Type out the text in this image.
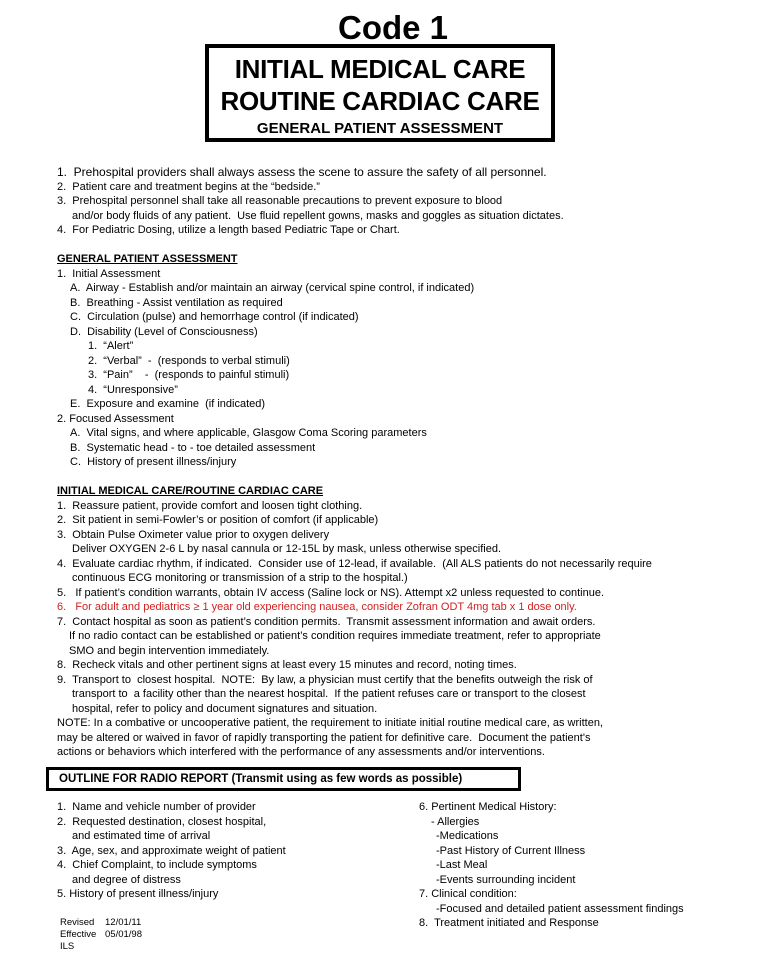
Code 1
INITIAL MEDICAL CARE
ROUTINE CARDIAC CARE
GENERAL PATIENT ASSESSMENT
1.  Prehospital providers shall always assess the scene to assure the safety of all personnel.
2.  Patient care and treatment begins at the “bedside.”
3.  Prehospital personnel shall take all reasonable precautions to prevent exposure to blood
and/or body fluids of any patient.  Use fluid repellent gowns, masks and goggles as situation dictates.
4.  For Pediatric Dosing, utilize a length based Pediatric Tape or Chart.
GENERAL PATIENT ASSESSMENT
1.  Initial Assessment
A.  Airway - Establish and/or maintain an airway (cervical spine control, if indicated)
B.  Breathing - Assist ventilation as required
C.  Circulation (pulse) and hemorrhage control (if indicated)
D.  Disability (Level of Consciousness)
1.  “Alert”
2.  “Verbal”  -  (responds to verbal stimuli)
3.  “Pain”    -  (responds to painful stimuli)
4.  “Unresponsive”
E.  Exposure and examine  (if indicated)
2. Focused Assessment
A.  Vital signs, and where applicable, Glasgow Coma Scoring parameters
B.  Systematic head - to - toe detailed assessment
C.  History of present illness/injury
INITIAL MEDICAL CARE/ROUTINE CARDIAC CARE
1.  Reassure patient, provide comfort and loosen tight clothing.
2.  Sit patient in semi-Fowler’s or position of comfort (if applicable)
3.  Obtain Pulse Oximeter value prior to oxygen delivery
Deliver OXYGEN 2-6 L by nasal cannula or 12-15L by mask, unless otherwise specified.
4.  Evaluate cardiac rhythm, if indicated.  Consider use of 12-lead, if available.  (All ALS patients do not necessarily require
continuous ECG monitoring or transmission of a strip to the hospital.)
5.   If patient’s condition warrants, obtain IV access (Saline lock or NS). Attempt x2 unless requested to continue.
6.   For adult and pediatrics ≥ 1 year old experiencing nausea, consider Zofran ODT 4mg tab x 1 dose only.
7.  Contact hospital as soon as patient’s condition permits.  Transmit assessment information and await orders.
If no radio contact can be established or patient’s condition requires immediate treatment, refer to appropriate
SMO and begin intervention immediately.
8.  Recheck vitals and other pertinent signs at least every 15 minutes and record, noting times.
9.  Transport to  closest hospital.  NOTE:  By law, a physician must certify that the benefits outweigh the risk of
transport to  a facility other than the nearest hospital.  If the patient refuses care or transport to the closest
hospital, refer to policy and document signatures and situation.
NOTE: In a combative or uncooperative patient, the requirement to initiate initial routine medical care, as written,
may be altered or waived in favor of rapidly transporting the patient for definitive care.  Document the patient's
actions or behaviors which interfered with the performance of any assessments and/or interventions.
OUTLINE FOR RADIO REPORT (Transmit using as few words as possible)
1.  Name and vehicle number of provider
2.  Requested destination, closest hospital,
and estimated time of arrival
3.  Age, sex, and approximate weight of patient
4.  Chief Complaint, to include symptoms
and degree of distress
5. History of present illness/injury
6. Pertinent Medical History:
- Allergies
-Medications
-Past History of Current Illness
-Last Meal
-Events surrounding incident
7. Clinical condition:
-Focused and detailed patient assessment findings
8.  Treatment initiated and Response
Revised 12/01/11
Effective 05/01/98
ILS
